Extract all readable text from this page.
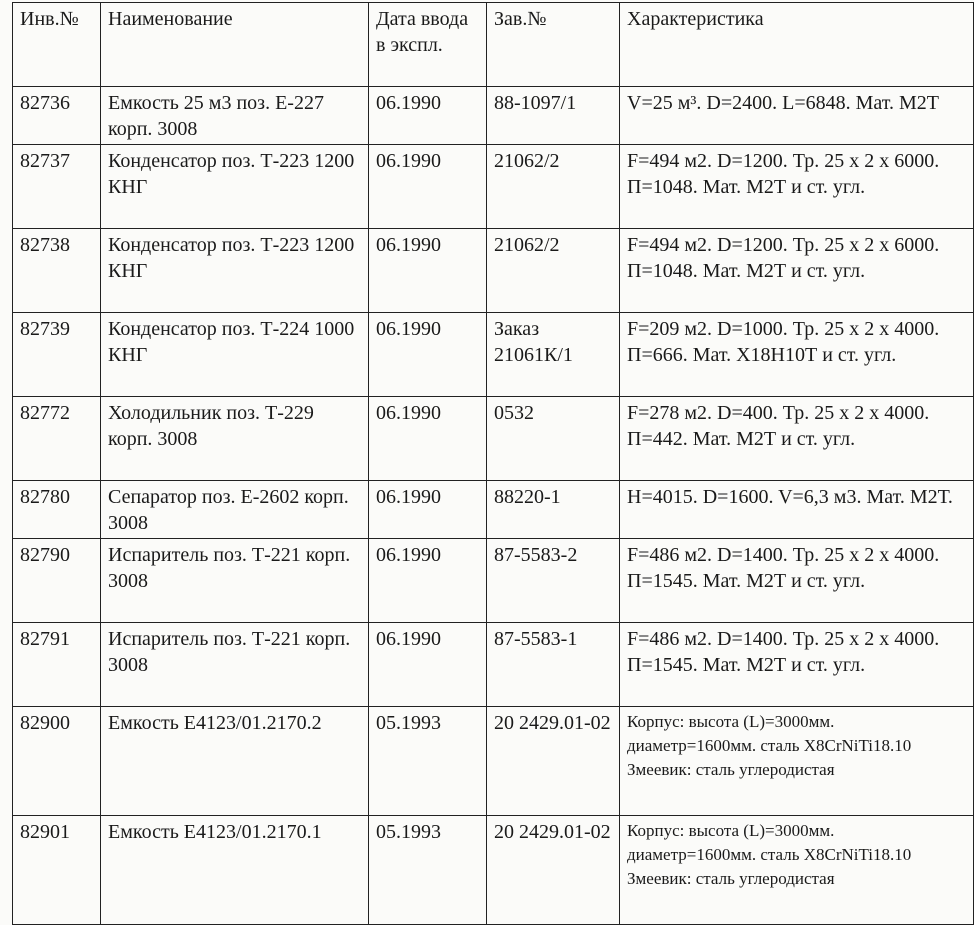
Инв.№	Наименование	Дата ввода в экспл.	Зав.№	Характеристика
82736	Емкость 25 м3 поз. Е-227 корп. 3008	06.1990	88-1097/1	V=25 м³. D=2400. L=6848. Мат. М2Т
82737	Конденсатор поз. Т-223 1200 КНГ	06.1990	21062/2	F=494 м2. D=1200. Тр. 25 х 2 х 6000. П=1048. Мат. М2Т и ст. угл.
82738	Конденсатор поз. Т-223 1200 КНГ	06.1990	21062/2	F=494 м2. D=1200. Тр. 25 х 2 х 6000. П=1048. Мат. М2Т и ст. угл.
82739	Конденсатор поз. Т-224 1000 КНГ	06.1990	Заказ 21061К/1	F=209 м2. D=1000. Тр. 25 х 2 х 4000. П=666. Мат. Х18Н10Т и ст. угл.
82772	Холодильник поз. Т-229 корп. 3008	06.1990	0532	F=278 м2. D=400. Тр. 25 х 2 х 4000. П=442. Мат. М2Т и ст. угл.
82780	Сепаратор поз. Е-2602 корп. 3008	06.1990	88220-1	Н=4015. D=1600. V=6,3 м3. Мат. М2Т.
82790	Испаритель поз. Т-221 корп. 3008	06.1990	87-5583-2	F=486 м2. D=1400. Тр. 25 х 2 х 4000. П=1545. Мат. М2Т и ст. угл.
82791	Испаритель поз. Т-221 корп. 3008	06.1990	87-5583-1	F=486 м2. D=1400. Тр. 25 х 2 х 4000. П=1545. Мат. М2Т и ст. угл.
82900	Емкость Е4123/01.2170.2	05.1993	20 2429.01-02	Корпус: высота (L)=3000мм. диаметр=1600мм. сталь X8CrNiTi18.10 Змеевик: сталь углеродистая
82901	Емкость Е4123/01.2170.1	05.1993	20 2429.01-02	Корпус: высота (L)=3000мм. диаметр=1600мм. сталь X8CrNiTi18.10 Змеевик: сталь углеродистая
